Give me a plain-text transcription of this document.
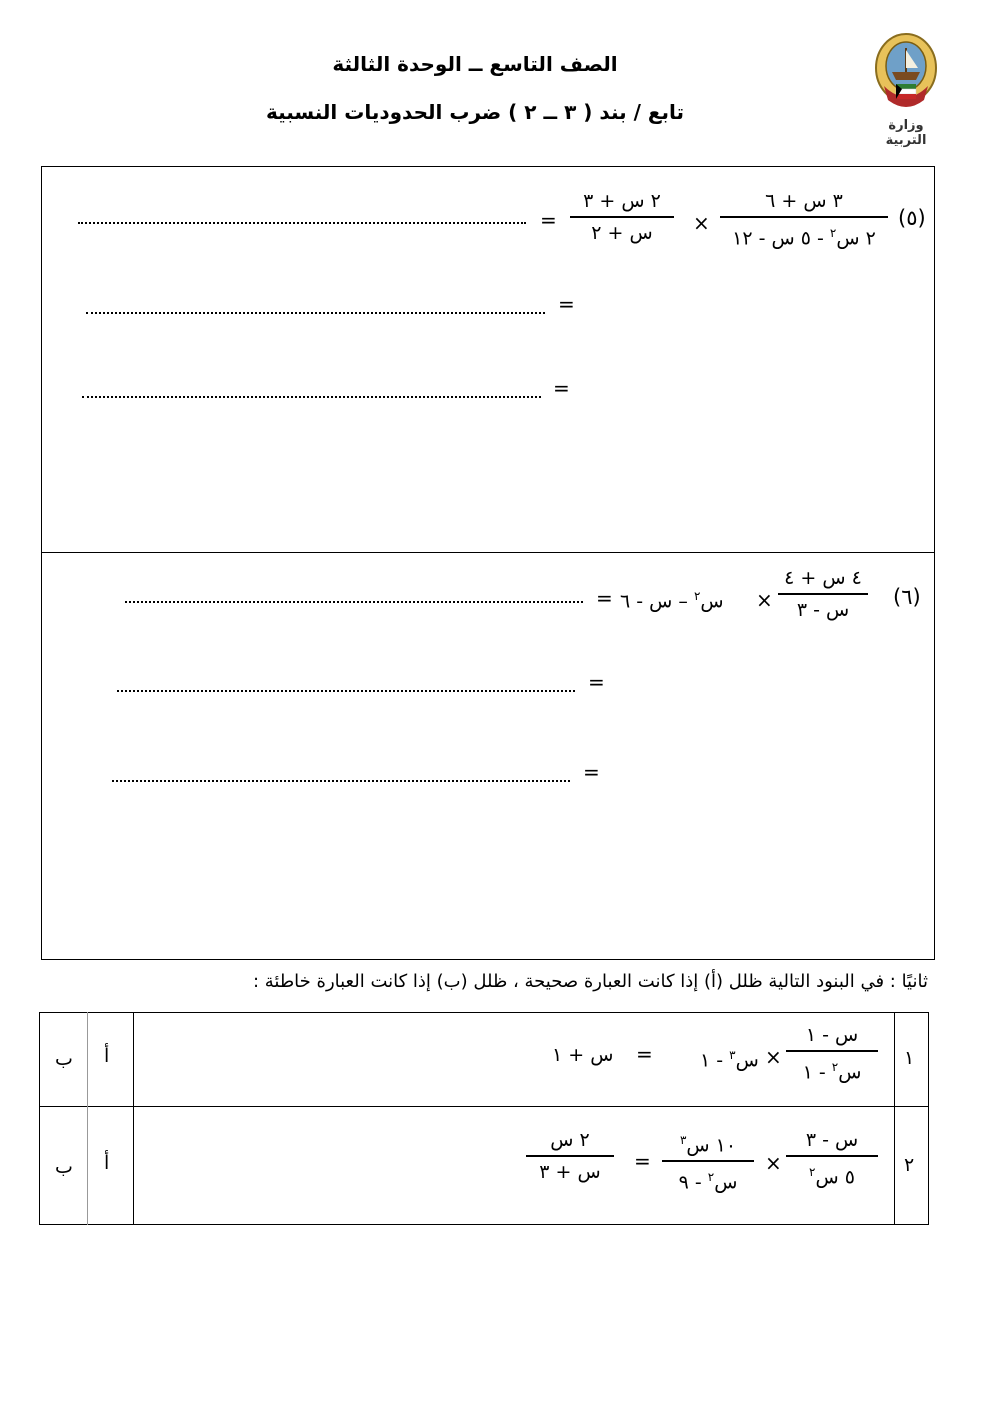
وزارة التربية
الصف التاسع ــ الوحدة الثالثة
تابع / بند ( ٣ ــ ٢ ) ضرب الحدوديات النسبية
(٥)
٣ س + ٦
٢ س$^٢$ - ٥ س - ١٢
×
٢ س + ٣
س + ٢
=
=
=
(٦)
٤ س + ٤
س - ٣
×
س$^٢$ – س - ٦
=
=
=
ثانيًا : في البنود التالية ظلل (أ) إذا كانت العبارة صحيحة ، ظلل (ب) إذا كانت العبارة خاطئة :
١
س - ١
س$^٢$ - ١
×
س$^٣$ - ١
=
س + ١
أ
ب
٢
س - ٣
٥ س$^٢$
×
١٠ س$^٣$
س$^٢$ - ٩
=
٢ س
س + ٣
أ
ب
